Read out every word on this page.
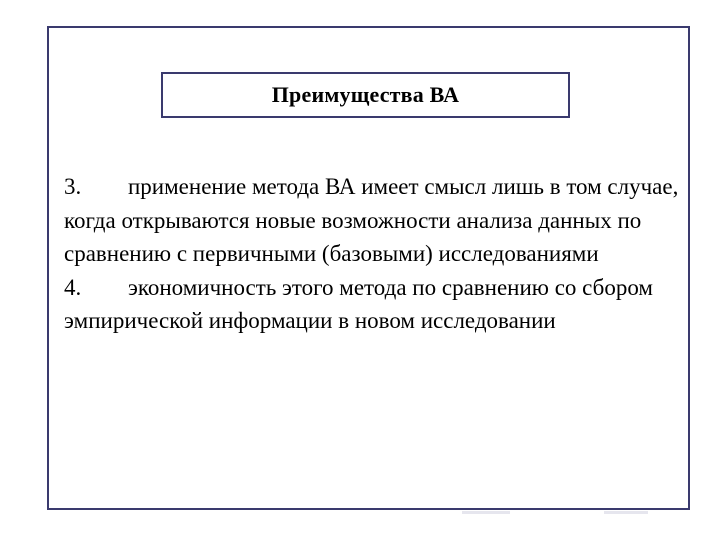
Преимущества ВА

3. применение метода ВА имеет смысл лишь в том случае, когда открываются новые возможности анализа данных по сравнению с первичными (базовыми) исследованиями

4. экономичность этого метода по сравнению со сбором эмпирической информации в новом исследовании
